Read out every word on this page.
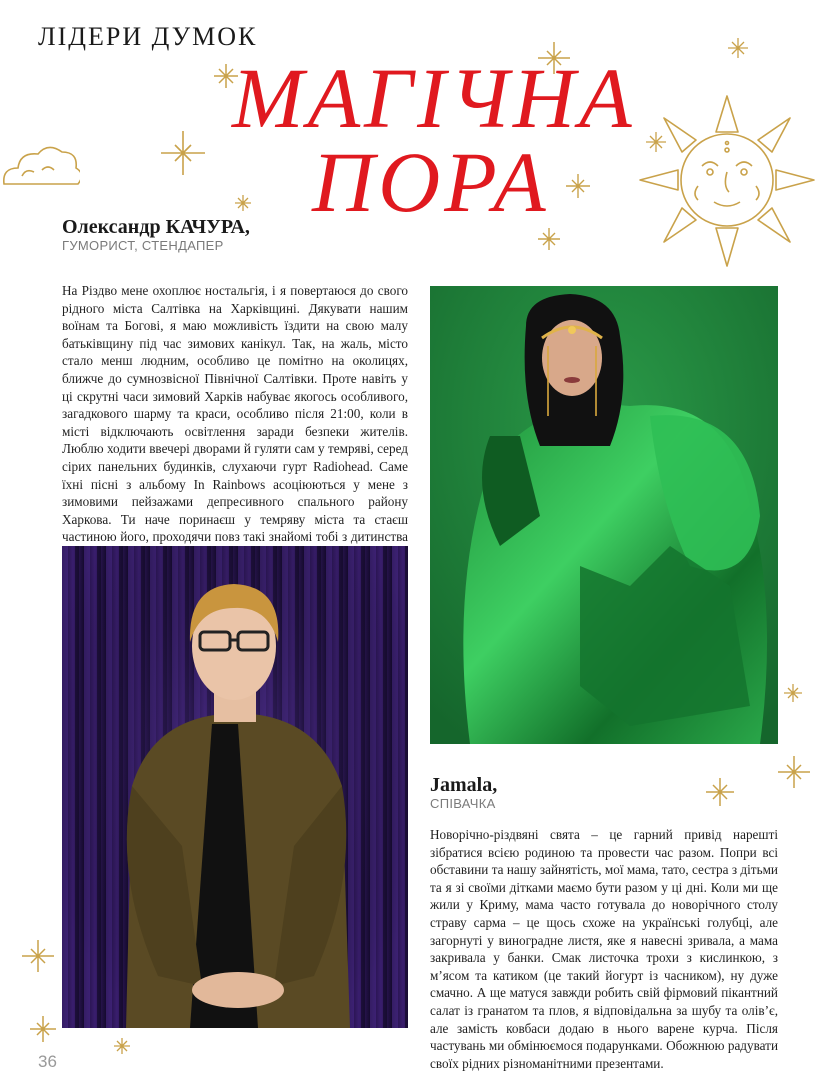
ЛІДЕРИ ДУМОК
МАГІЧНА
ПОРА
Олександр КАЧУРА,
ГУМОРИСТ, СТЕНДАПЕР
На Різдво мене охоплює ностальгія, і я повертаюся до свого рідного міста Салтівка на Харківщині. Дякувати нашим воїнам та Богові, я маю можливість їздити на свою малу батьківщину під час зимових канікул. Так, на жаль, місто стало менш людним, особливо це помітно на околицях, ближче до сумнозвісної Північної Салтівки. Проте навіть у ці скрутні часи зимовий Харків набуває якогось особливого, загадкового шарму та краси, особливо після 21:00, коли в місті відключають освітлення заради безпеки жителів. Люблю ходити ввечері дворами й гуляти сам у темряві, серед сірих панельних будинків, слухаючи гурт Radiohead. Саме їхні пісні з альбому In Rainbows асоціюються у мене з зимовими пейзажами депресивного спального району Харкова. Ти наче поринаєш у темряву міста та стаєш частиною його, проходячи повз такі знайомі тобі з дитинства
Jamala,
СПІВАЧКА
Новорічно-різдвяні свята – це гарний привід нарешті зібратися всією родиною та провести час разом. Попри всі обставини та нашу зайнятість, мої мама, тато, сестра з дітьми та я зі своїми дітками маємо бути разом у ці дні. Коли ми ще жили у Криму, мама часто готувала до новорічного столу страву сарма – це щось схоже на українські голубці, але загорнуті у виноградне листя, яке я навесні зривала, а мама закривала у банки. Смак листочка трохи з кислинкою, з м’ясом та катиком (це такий йогурт із часником), ну дуже смачно. А ще матуся завжди робить свій фірмовий пікантний салат із гранатом та плов, я відповідальна за шубу та олів’є, але замість ковбаси додаю в нього варене курча. Після частувань ми обмінюємося подарунками. Обожнюю радувати своїх рідних різноманітними презентами.
36
